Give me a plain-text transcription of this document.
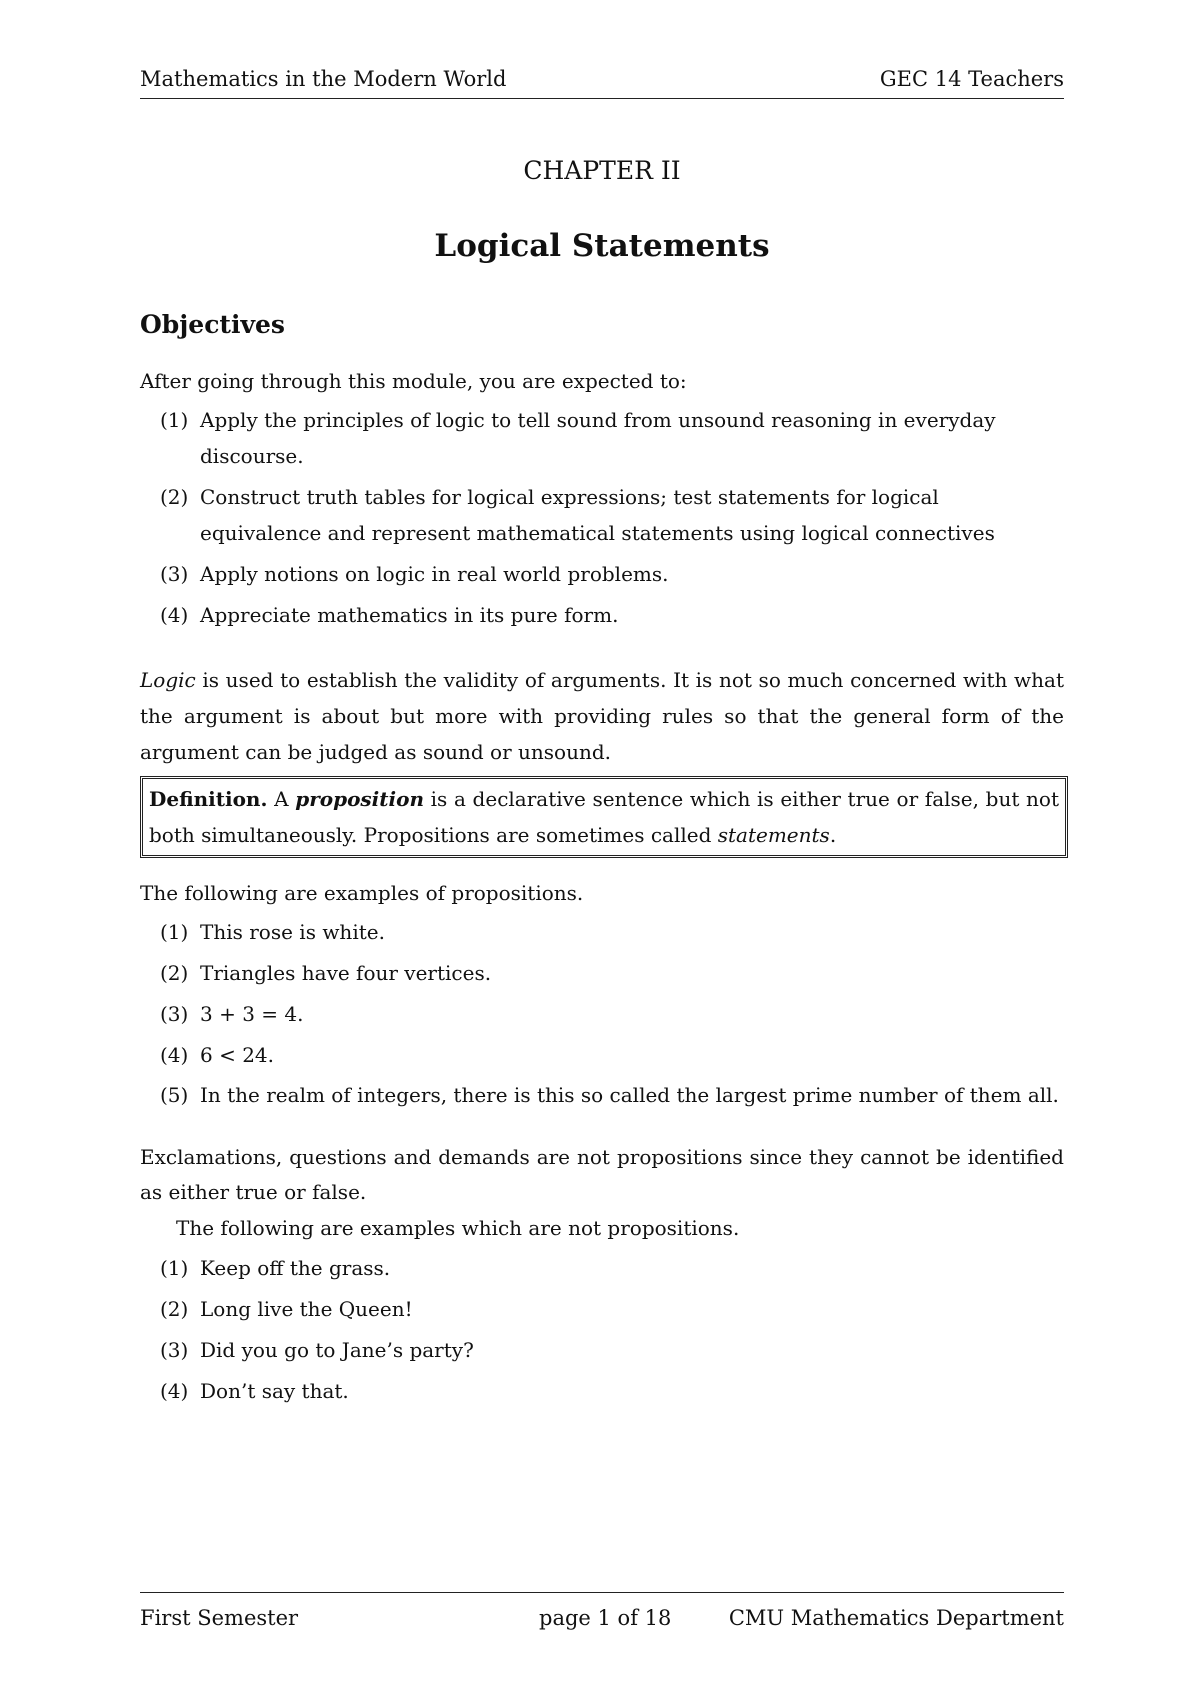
Mathematics in the Modern World	GEC 14 Teachers
CHAPTER II
Logical Statements
Objectives
After going through this module, you are expected to:
(1) Apply the principles of logic to tell sound from unsound reasoning in everyday discourse.
(2) Construct truth tables for logical expressions; test statements for logical equivalence and represent mathematical statements using logical connectives
(3) Apply notions on logic in real world problems.
(4) Appreciate mathematics in its pure form.
Logic is used to establish the validity of arguments. It is not so much concerned with what the argument is about but more with providing rules so that the general form of the argument can be judged as sound or unsound.
Definition. A proposition is a declarative sentence which is either true or false, but not both simultaneously. Propositions are sometimes called statements.
The following are examples of propositions.
(1) This rose is white.
(2) Triangles have four vertices.
(3) 3 + 3 = 4.
(4) 6 < 24.
(5) In the realm of integers, there is this so called the largest prime number of them all.
Exclamations, questions and demands are not propositions since they cannot be identified as either true or false.
The following are examples which are not propositions.
(1) Keep off the grass.
(2) Long live the Queen!
(3) Did you go to Jane’s party?
(4) Don’t say that.
First Semester	page 1 of 18	CMU Mathematics Department
